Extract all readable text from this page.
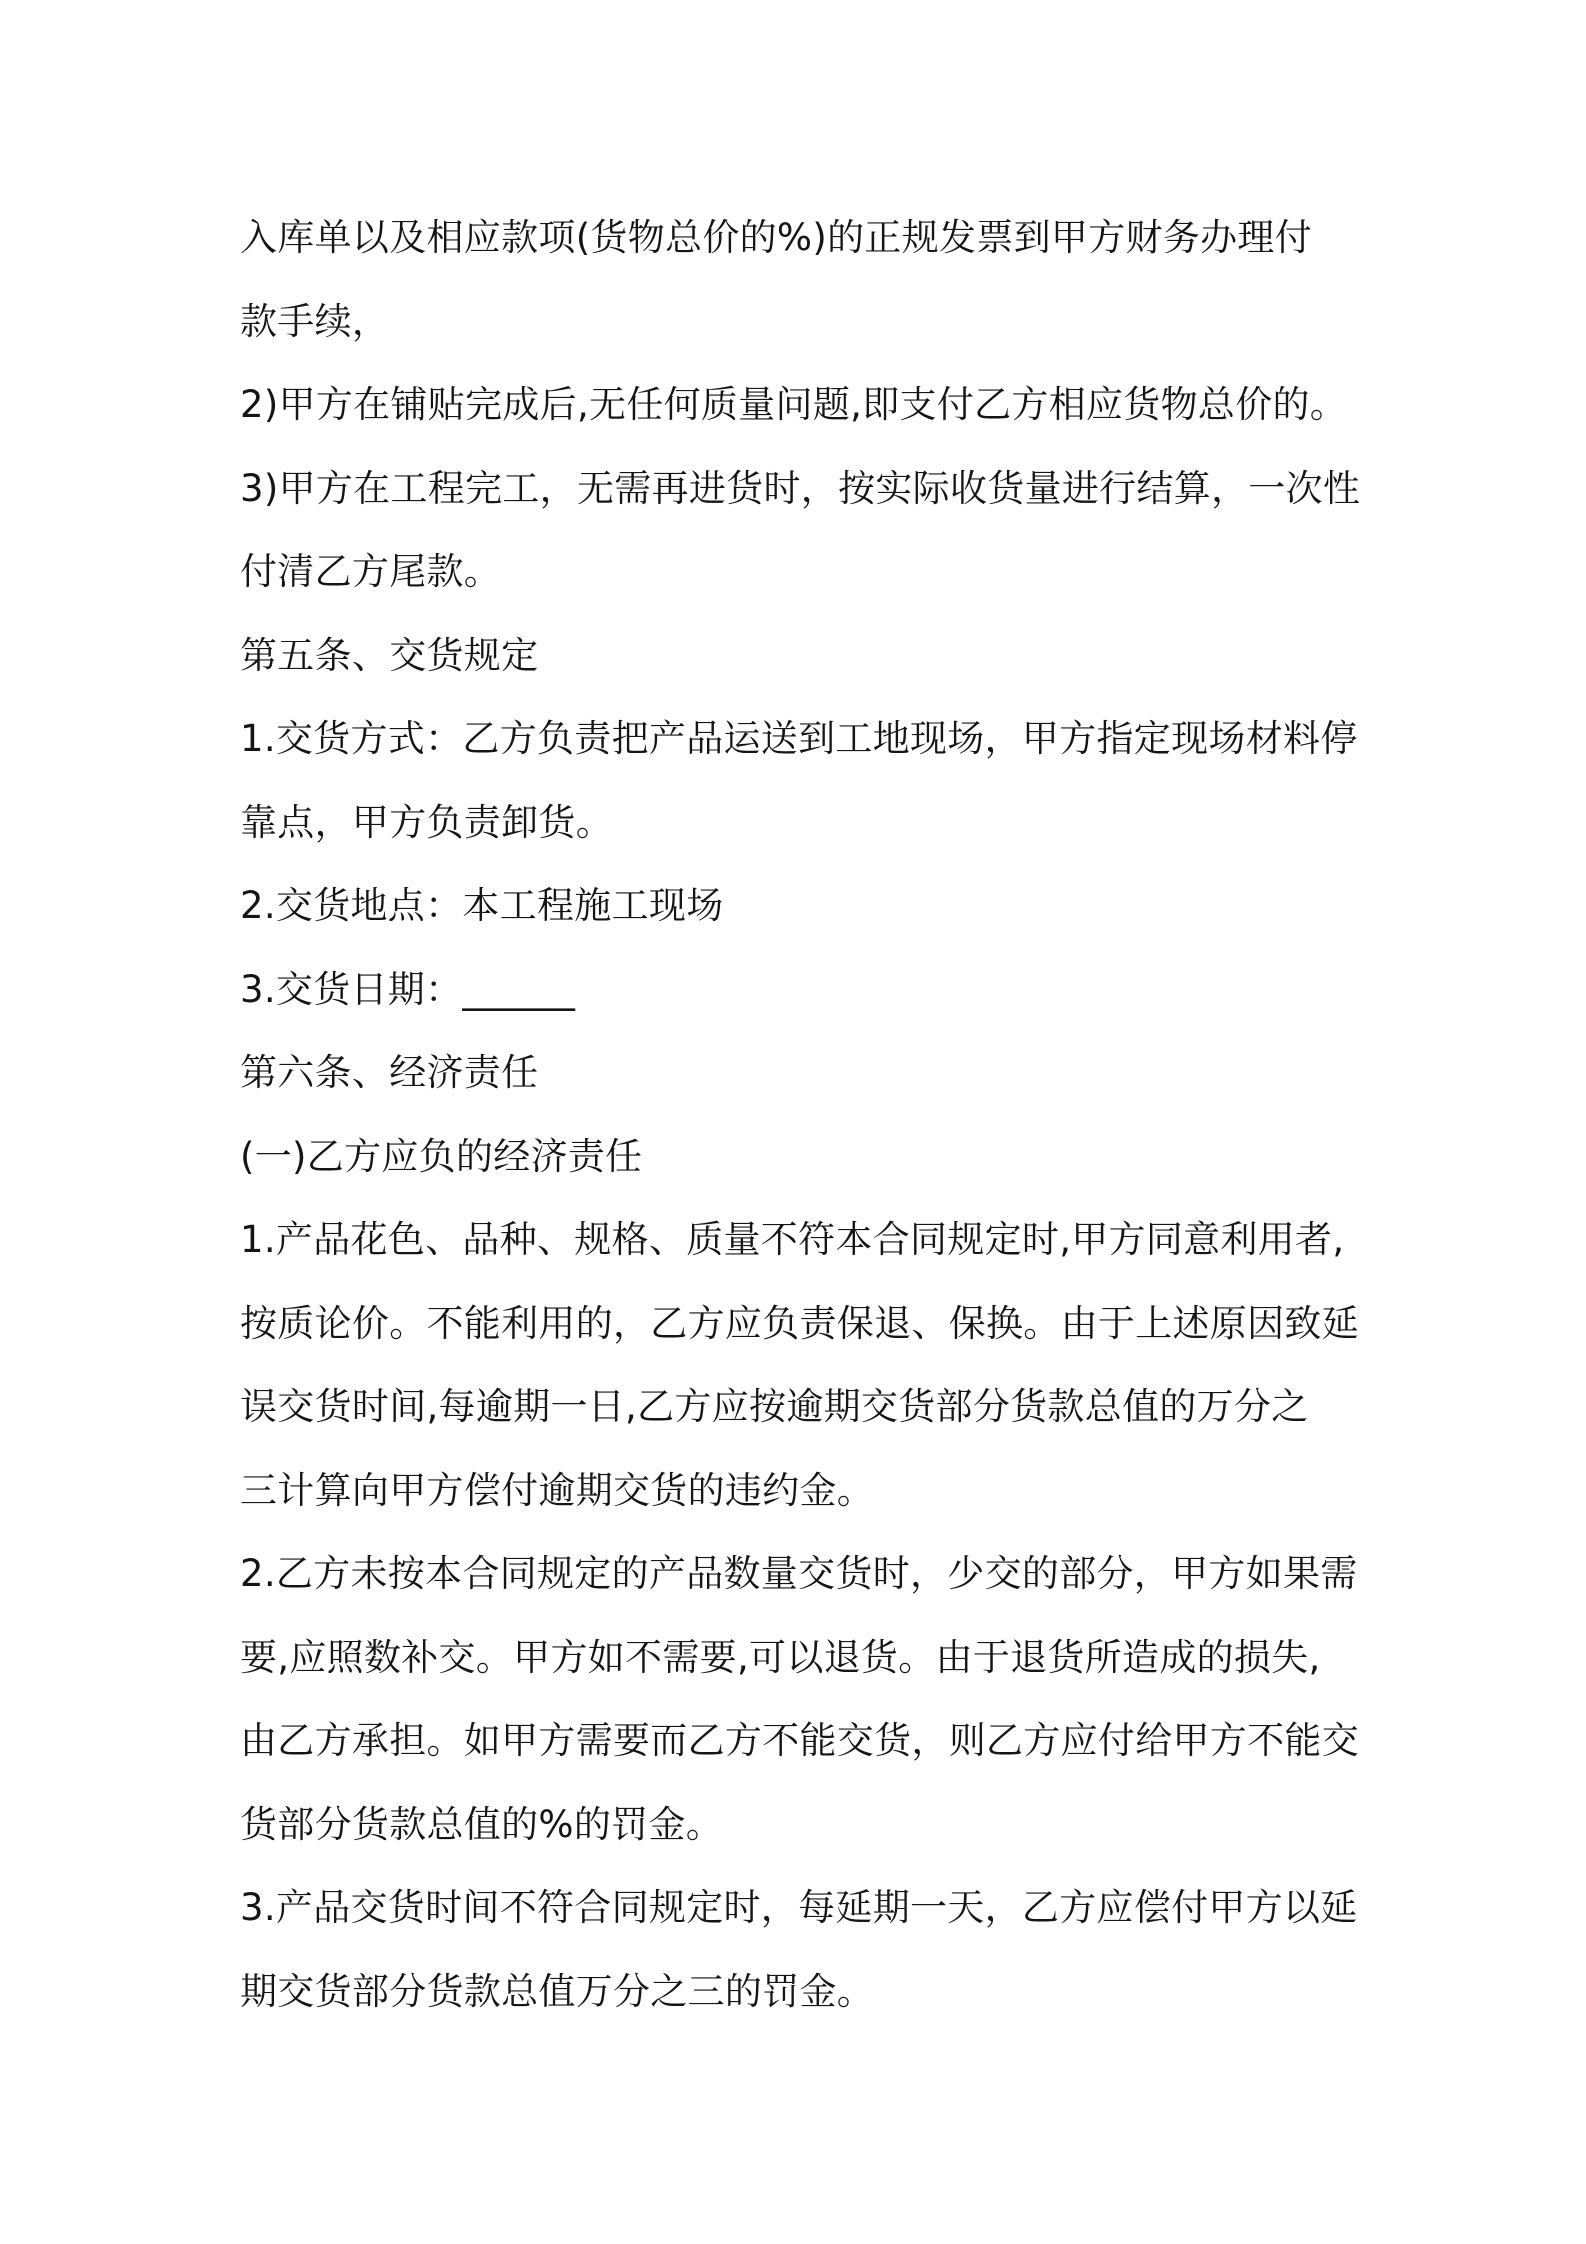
入库单以及相应款项(货物总价的%)的正规发票到甲方财务办理付
款手续，
2)甲方在铺贴完成后,无任何质量问题,即支付乙方相应货物总价的。
3)甲方在工程完工，无需再进货时，按实际收货量进行结算，一次性
付清乙方尾款。
第五条、交货规定
1.交货方式：乙方负责把产品运送到工地现场，甲方指定现场材料停
靠点，甲方负责卸货。
2.交货地点：本工程施工现场
3.交货日期：______
第六条、经济责任
(一)乙方应负的经济责任
1.产品花色、品种、规格、质量不符本合同规定时,甲方同意利用者,
按质论价。不能利用的，乙方应负责保退、保换。由于上述原因致延
误交货时间,每逾期一日,乙方应按逾期交货部分货款总值的万分之
三计算向甲方偿付逾期交货的违约金。
2.乙方未按本合同规定的产品数量交货时，少交的部分，甲方如果需
要,应照数补交。甲方如不需要,可以退货。由于退货所造成的损失,
由乙方承担。如甲方需要而乙方不能交货，则乙方应付给甲方不能交
货部分货款总值的%的罚金。
3.产品交货时间不符合同规定时，每延期一天，乙方应偿付甲方以延
期交货部分货款总值万分之三的罚金。
